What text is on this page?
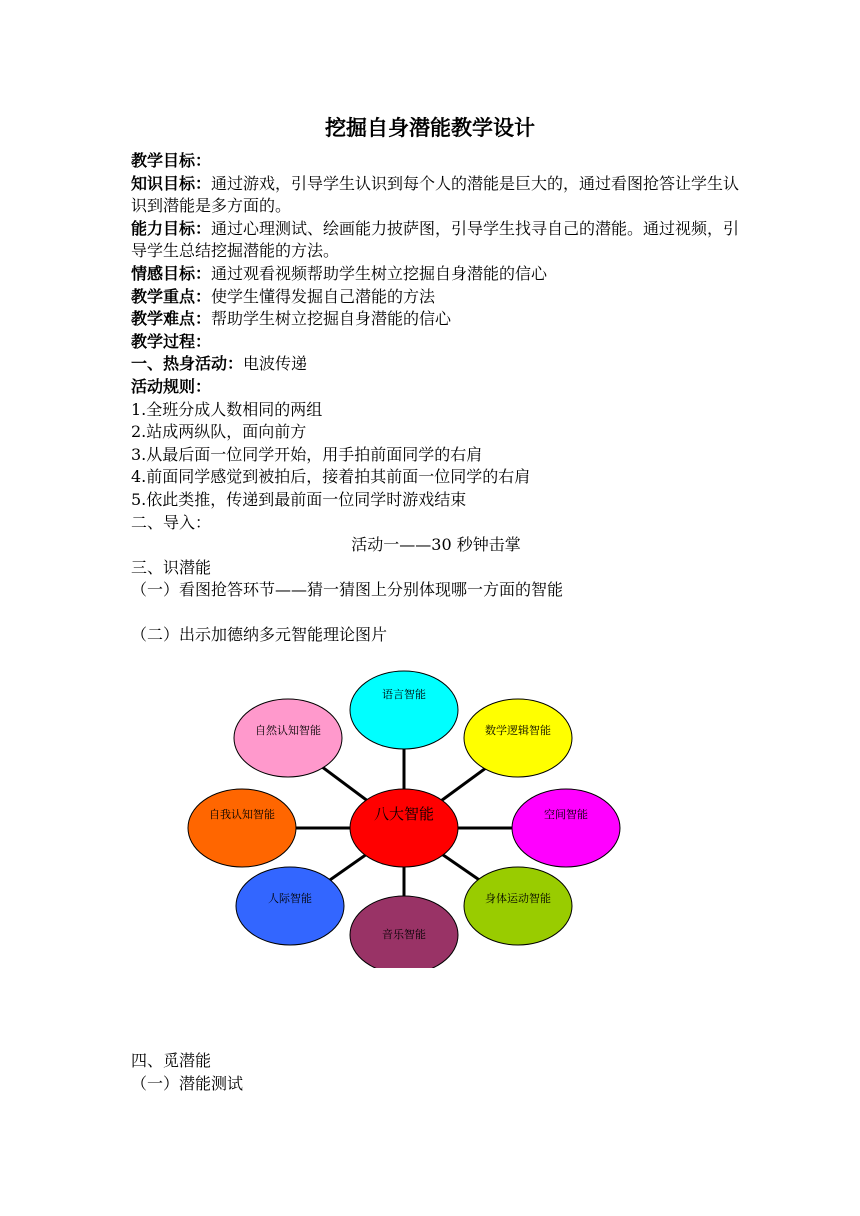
挖掘自身潜能教学设计

教学目标：

知识目标：通过游戏，引导学生认识到每个人的潜能是巨大的，通过看图抢答让学生认识到潜能是多方面的。

能力目标：通过心理测试、绘画能力披萨图，引导学生找寻自己的潜能。通过视频，引导学生总结挖掘潜能的方法。

情感目标：通过观看视频帮助学生树立挖掘自身潜能的信心

教学重点：使学生懂得发掘自己潜能的方法

教学难点：帮助学生树立挖掘自身潜能的信心

教学过程：

一、热身活动：电波传递

活动规则：

1.全班分成人数相同的两组

2.站成两纵队，面向前方

3.从最后面一位同学开始，用手拍前面同学的右肩

4.前面同学感觉到被拍后，接着拍其前面一位同学的右肩

5.依此类推，传递到最前面一位同学时游戏结束

二、导入：

活动一——30 秒钟击掌

三、识潜能

（一）看图抢答环节——猜一猜图上分别体现哪一方面的智能

（二）出示加德纳多元智能理论图片

语言智能
数学逻辑智能
空间智能
身体运动智能
音乐智能
人际智能
自我认知智能
自然认知智能
八大智能

四、觅潜能

（一）潜能测试
